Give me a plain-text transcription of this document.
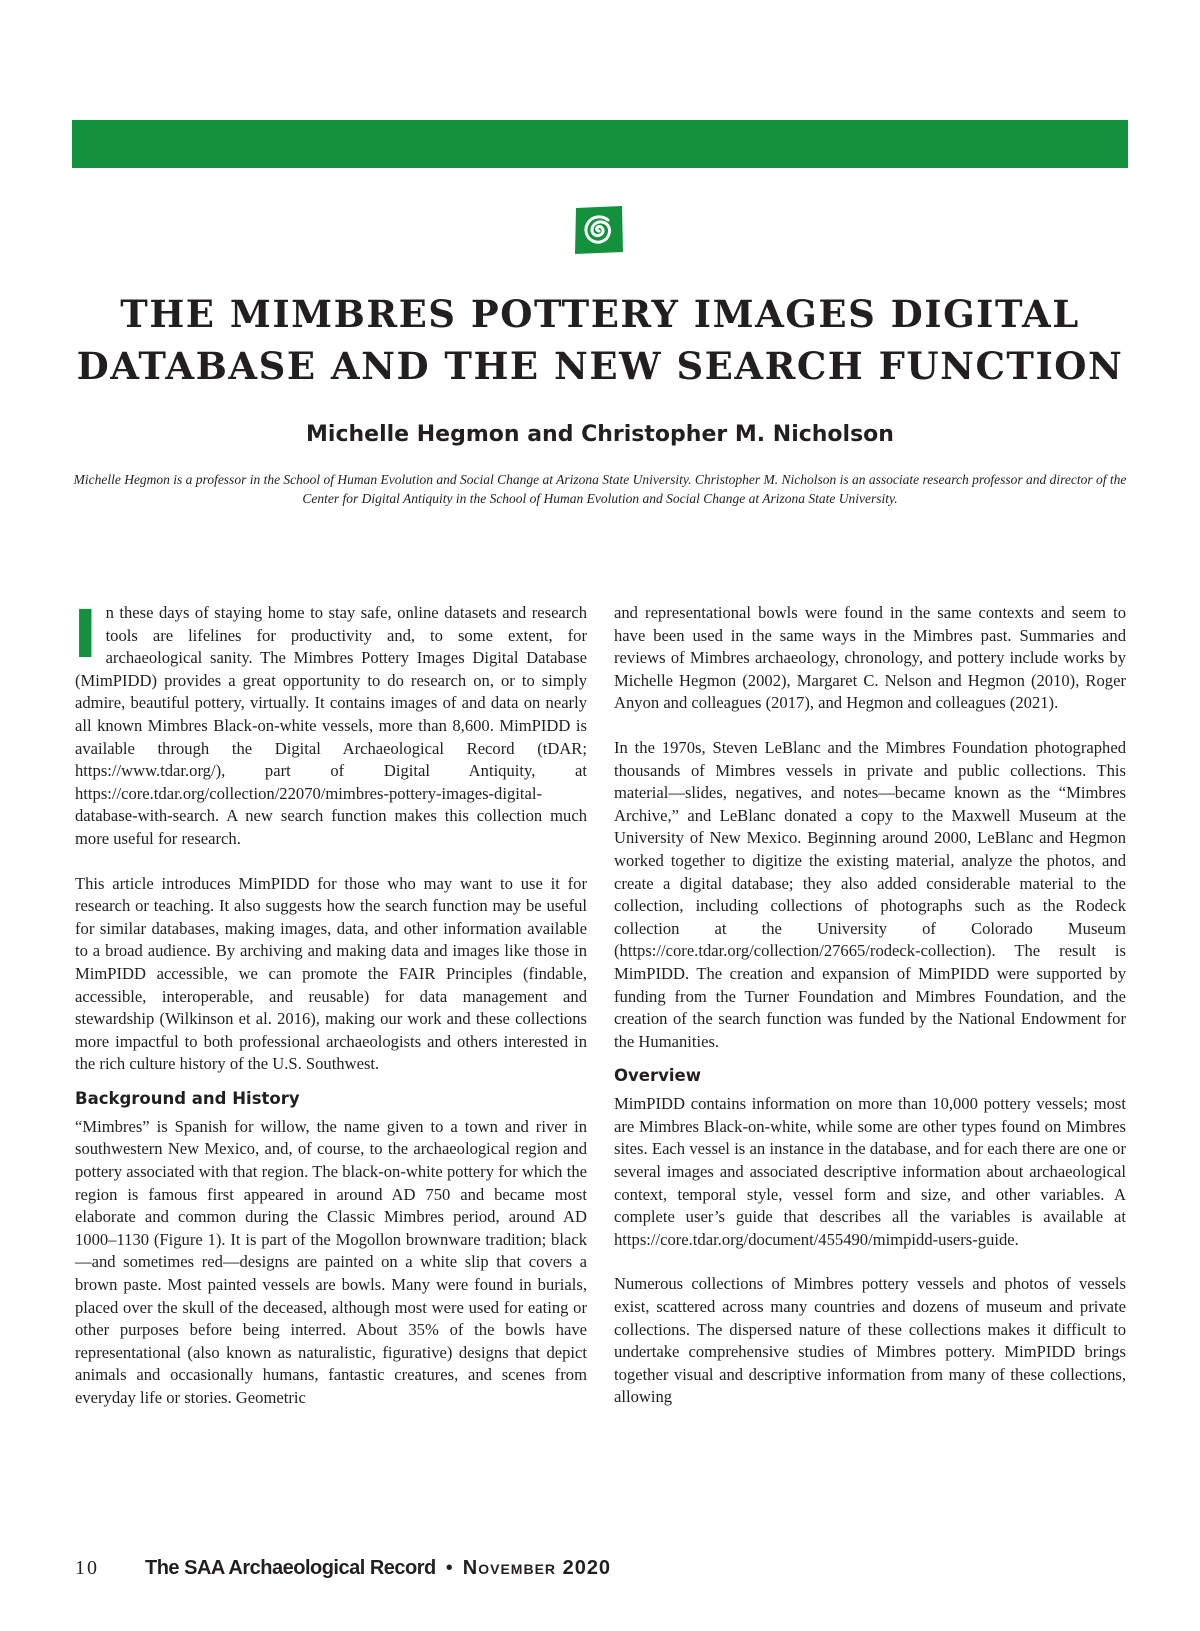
THE MIMBRES POTTERY IMAGES DIGITAL
DATABASE AND THE NEW SEARCH FUNCTION
Michelle Hegmon and Christopher M. Nicholson
Michelle Hegmon is a professor in the School of Human Evolution and Social Change at Arizona State University. Christopher M. Nicholson is an associate research professor and director of the Center for Digital Antiquity in the School of Human Evolution and Social Change at Arizona State University.

In these days of staying home to stay safe, online datasets and research tools are lifelines for productivity and, to some extent, for archaeological sanity. The Mimbres Pottery Images Digital Database (MimPIDD) provides a great opportunity to do research on, or to simply admire, beautiful pottery, virtually. It contains images of and data on nearly all known Mimbres Black-on-white vessels, more than 8,600. MimPIDD is available through the Digital Archaeological Record (tDAR; https://www.tdar.org/), part of Digital Antiquity, at https://core.tdar.org/collection/22070/mimbres-pottery-images-digital-database-with-search. A new search function makes this collection much more useful for research.

This article introduces MimPIDD for those who may want to use it for research or teaching. It also suggests how the search function may be useful for similar databases, making images, data, and other information available to a broad audience. By archiving and making data and images like those in MimPIDD accessible, we can promote the FAIR Principles (findable, accessible, interoperable, and reusable) for data management and stewardship (Wilkinson et al. 2016), making our work and these collections more impactful to both professional archaeologists and others interested in the rich culture history of the U.S. Southwest.

Background and History

“Mimbres” is Spanish for willow, the name given to a town and river in southwestern New Mexico, and, of course, to the archaeological region and pottery associated with that region. The black-on-white pottery for which the region is famous first appeared in around AD 750 and became most elaborate and common during the Classic Mimbres period, around AD 1000–1130 (Figure 1). It is part of the Mogollon brownware tradition; black—and sometimes red—designs are painted on a white slip that covers a brown paste. Most painted vessels are bowls. Many were found in burials, placed over the skull of the deceased, although most were used for eating or other purposes before being interred. About 35% of the bowls have representational (also known as naturalistic, figurative) designs that depict animals and occasionally humans, fantastic creatures, and scenes from everyday life or stories. Geometric

and representational bowls were found in the same contexts and seem to have been used in the same ways in the Mimbres past. Summaries and reviews of Mimbres archaeology, chronology, and pottery include works by Michelle Hegmon (2002), Margaret C. Nelson and Hegmon (2010), Roger Anyon and colleagues (2017), and Hegmon and colleagues (2021).

In the 1970s, Steven LeBlanc and the Mimbres Foundation photographed thousands of Mimbres vessels in private and public collections. This material—slides, negatives, and notes—became known as the “Mimbres Archive,” and LeBlanc donated a copy to the Maxwell Museum at the University of New Mexico. Beginning around 2000, LeBlanc and Hegmon worked together to digitize the existing material, analyze the photos, and create a digital database; they also added considerable material to the collection, including collections of photographs such as the Rodeck collection at the University of Colorado Museum (https://core.tdar.org/collection/27665/rodeck-collection). The result is MimPIDD. The creation and expansion of MimPIDD were supported by funding from the Turner Foundation and Mimbres Foundation, and the creation of the search function was funded by the National Endowment for the Humanities.

Overview

MimPIDD contains information on more than 10,000 pottery vessels; most are Mimbres Black-on-white, while some are other types found on Mimbres sites. Each vessel is an instance in the database, and for each there are one or several images and associated descriptive information about archaeological context, temporal style, vessel form and size, and other variables. A complete user’s guide that describes all the variables is available at https://core.tdar.org/document/455490/mimpidd-users-guide.

Numerous collections of Mimbres pottery vessels and photos of vessels exist, scattered across many countries and dozens of museum and private collections. The dispersed nature of these collections makes it difficult to undertake comprehensive studies of Mimbres pottery. MimPIDD brings together visual and descriptive information from many of these collections, allowing

10 The SAA Archaeological Record • November 2020
